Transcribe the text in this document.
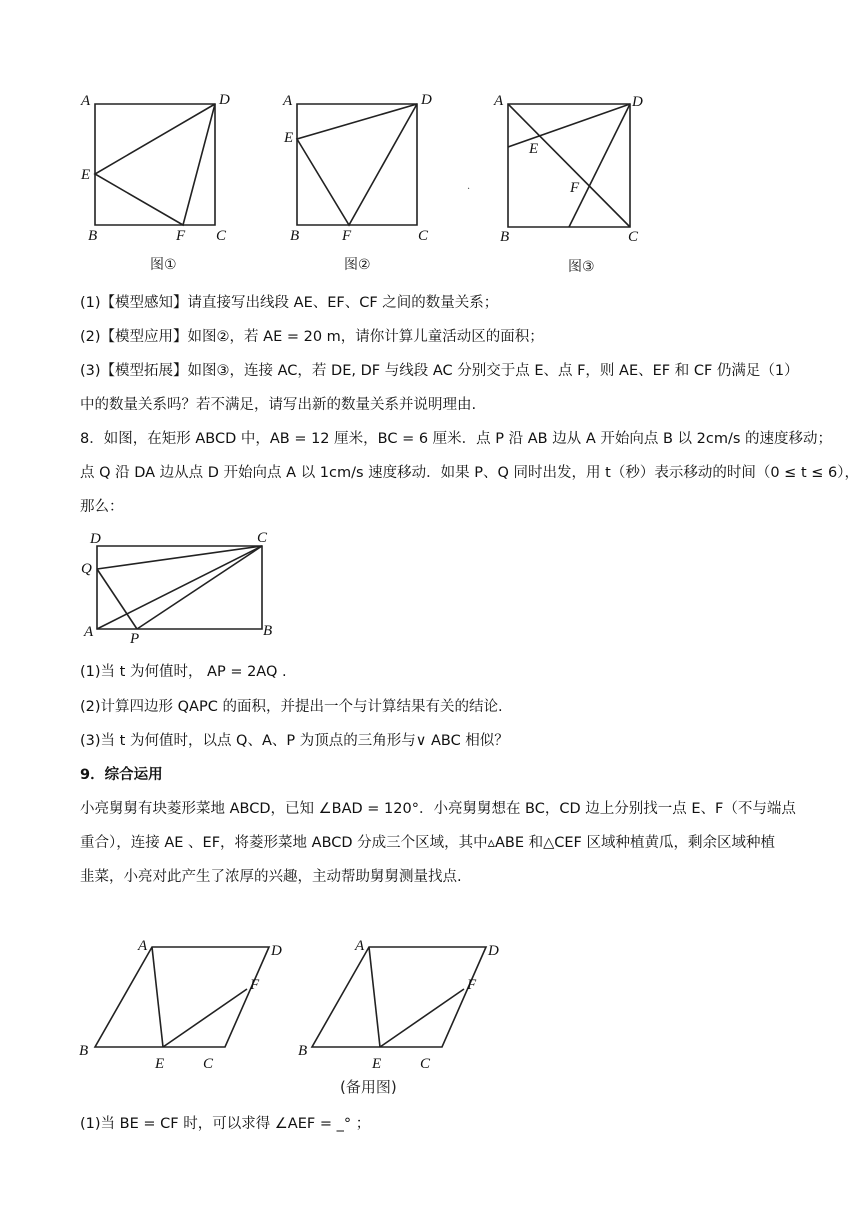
A	D
E
B	F C
图①
A	D
E
B	F	C
图②
·
A	D
E
F
B	C
图③
(1)【模型感知】请直接写出线段 AE、EF、CF 之间的数量关系；
(2)【模型应用】如图②，若 AE = 20 m，请你计算儿童活动区的面积；
(3)【模型拓展】如图③，连接 AC，若 DE, DF 与线段 AC 分别交于点 E、点 F，则 AE、EF 和 CF 仍满足（1）
中的数量关系吗？若不满足，请写出新的数量关系并说明理由.
8．如图，在矩形 ABCD 中，AB = 12 厘米，BC = 6 厘米．点 P 沿 AB 边从 A 开始向点 B 以 2cm/s 的速度移动；
点 Q 沿 DA 边从点 D 开始向点 A 以 1cm/s 速度移动．如果 P、Q 同时出发，用 t（秒）表示移动的时间（0 ≤ t ≤ 6），
那么：
D	C
Q
A P	B
(1)当 t 为何值时， AP = 2AQ .
(2)计算四边形 QAPC 的面积，并提出一个与计算结果有关的结论.
(3)当 t 为何值时，以点 Q、A、P 为顶点的三角形与∨ ABC 相似？
9．综合运用
小亮舅舅有块菱形菜地 ABCD，已知 ∠BAD = 120°．小亮舅舅想在 BC，CD 边上分别找一点 E、F（不与端点
重合），连接 AE 、EF，将菱形菜地 ABCD 分成三个区域，其中▵ABE 和△CEF 区域种植黄瓜，剩余区域种植
韭菜，小亮对此产生了浓厚的兴趣，主动帮助舅舅测量找点.
A	D
F
B
E	C
A	D
F
B
E	C
(备用图)
(1)当 BE = CF 时，可以求得 ∠AEF = _° ；
